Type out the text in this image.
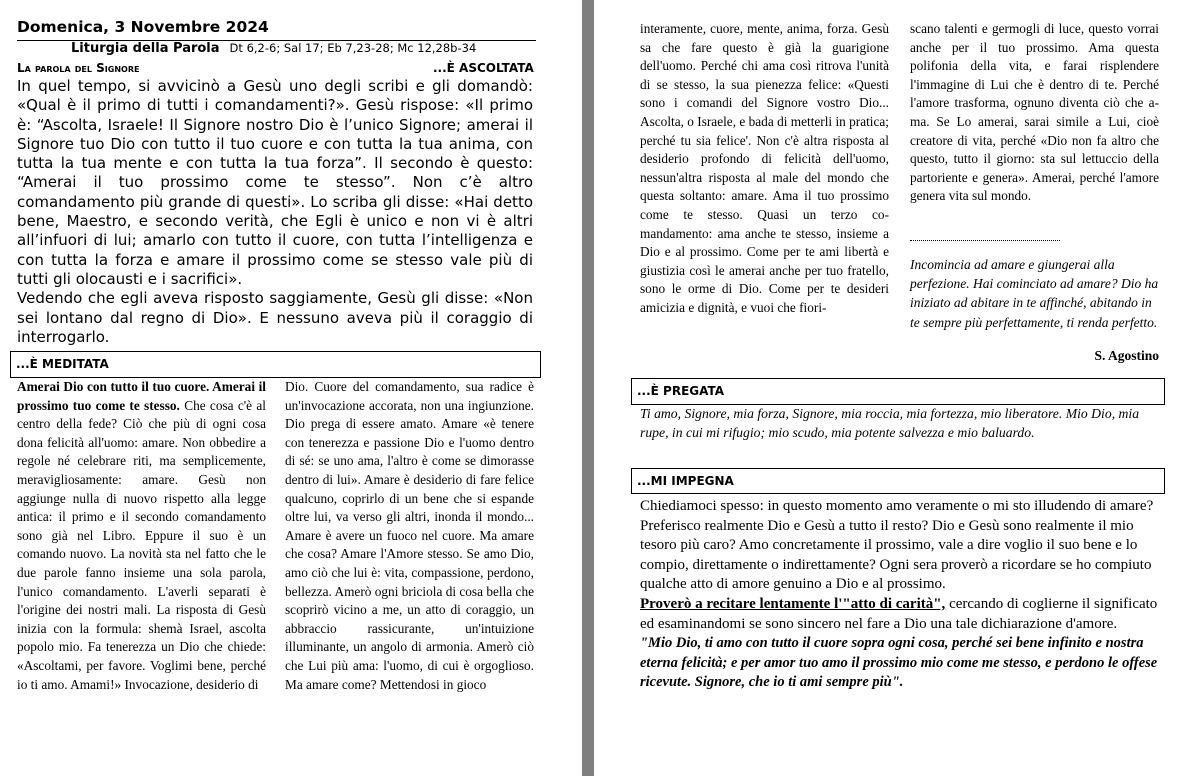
Domenica, 3 Novembre 2024
Liturgia della Parola Dt 6,2-6; Sal 17; Eb 7,23-28; Mc 12,28b-34
La parola del Signore	...È ASCOLTATA

In quel tempo, si avvicinò a Gesù uno degli scribi e gli domandò: «Qual è il primo di tutti i comandamenti?». Gesù rispose: «Il primo è: “Ascolta, Israele! Il Signore nostro Dio è l’unico Signore; amerai il Signore tuo Dio con tutto il tuo cuore e con tutta la tua anima, con tutta la tua mente e con tutta la tua forza”. Il secondo è questo: “Amerai il tuo prossimo come te stesso”. Non c’è altro comandamento più grande di questi». Lo scriba gli disse: «Hai detto bene, Maestro, e secondo verità, che Egli è unico e non vi è altri all’infuori di lui; amarlo con tutto il cuore, con tutta l’intelligenza e con tutta la forza e amare il prossimo come se stesso vale più di tutti gli olocausti e i sacrifici».

Vedendo che egli aveva risposto saggiamente, Gesù gli disse: «Non sei lontano dal regno di Dio». E nessuno aveva più il coraggio di interrogarlo.

...È MEDITATA
Amerai Dio con tutto il tuo cuore. Amerai il prossimo tuo come te stesso. Che cosa c'è al centro della fede? Ciò che più di ogni cosa dona felicità all'uomo: amare. Non obbedire a regole né celebrare riti, ma semplicemente, meravigliosamente: amare. Gesù non aggiunge nulla di nuovo rispetto alla legge antica: il primo e il secondo comandamento sono già nel Libro. Eppure il suo è un comando nuovo. La novità sta nel fatto che le due parole fanno insieme una sola parola, l'unico comandamento. L'averli separati è l'origine dei nostri mali. La risposta di Gesù inizia con la formula: shemà Israel, ascolta popolo mio. Fa tenerezza un Dio che chiede: «Ascoltami, per favore. Voglimi bene, perché io ti amo. Amami!» Invocazione, desiderio di
Dio. Cuore del comandamento, sua radice è un'invocazione accorata, non una ingiunzione. Dio prega di essere amato. Amare «è tenere con tenerezza e passione Dio e l'uomo dentro di sé: se uno ama, l'altro è come se dimorasse dentro di lui». Amare è desiderio di fare felice qualcuno, coprirlo di un bene che si espande oltre lui, va verso gli altri, inonda il mondo... Amare è avere un fuoco nel cuore. Ma amare che cosa? Amare l'Amore stesso. Se amo Dio, amo ciò che lui è: vita, compassione, perdono, bellezza. Amerò ogni briciola di cosa bella che scoprirò vicino a me, un atto di coraggio, un abbraccio rassicurante, un'intuizione illuminante, un angolo di armonia. Amerò ciò che Lui più ama: l'uomo, di cui è orgoglioso. Ma amare come? Mettendosi in gioco
interamente, cuore, mente, anima, forza. Gesù sa che fare questo è già la guarigione dell'uomo. Perché chi ama così ritrova l'unità di se stesso, la sua pienezza felice: «Questi sono i comandi del Signore vostro Dio... Ascolta, o Israele, e bada di metterli in pratica; perché tu sia felice'. Non c'è altra risposta al desiderio profondo di felicità dell'uomo, nessun'altra risposta al male del mondo che questa soltanto: amare. Ama il tuo prossimo come te stesso. Quasi un terzo comandamento: ama anche te stesso, insieme a Dio e al prossimo. Come per te ami libertà e giustizia così le amerai anche per tuo fratello, sono le orme di Dio. Come per te desideri amicizia e dignità, e vuoi che fiori-
scano talenti e germogli di luce, questo vorrai anche per il tuo prossimo. Ama questa polifonia della vita, e farai risplendere l'immagine di Lui che è dentro di te. Perché l'amore trasforma, ognuno diventa ciò che ama. Se Lo amerai, sarai simile a Lui, cioè creatore di vita, perché «Dio non fa altro che questo, tutto il giorno: sta sul lettuccio della partoriente e genera». Amerai, perché l'amore genera vita sul mondo.
Incomincia ad amare e giungerai alla perfezione. Hai cominciato ad amare? Dio ha iniziato ad abitare in te affinché, abitando in te sempre più perfettamente, ti renda perfetto.
S. Agostino
...È PREGATA
Ti amo, Signore, mia forza, Signore, mia roccia, mia fortezza, mio liberatore. Mio Dio, mia rupe, in cui mi rifugio; mio scudo, mia potente salvezza e mio baluardo.
...MI IMPEGNA

Chiediamoci spesso: in questo momento amo veramente o mi sto illudendo di amare? Preferisco realmente Dio e Gesù a tutto il resto? Dio e Gesù sono realmente il mio tesoro più caro? Amo concretamente il prossimo, vale a dire voglio il suo bene e lo compio, direttamente o indirettamente? Ogni sera proverò a ricordare se ho compiuto qualche atto di amore genuino a Dio e al prossimo.

Proverò a recitare lentamente l'"atto di carità", cercando di coglierne il significato ed esaminandomi se sono sincero nel fare a Dio una tale dichiarazione d'amore.

"Mio Dio, ti amo con tutto il cuore sopra ogni cosa, perché sei bene infinito e nostra eterna felicità; e per amor tuo amo il prossimo mio come me stesso, e perdono le offese ricevute. Signore, che io ti ami sempre più".
